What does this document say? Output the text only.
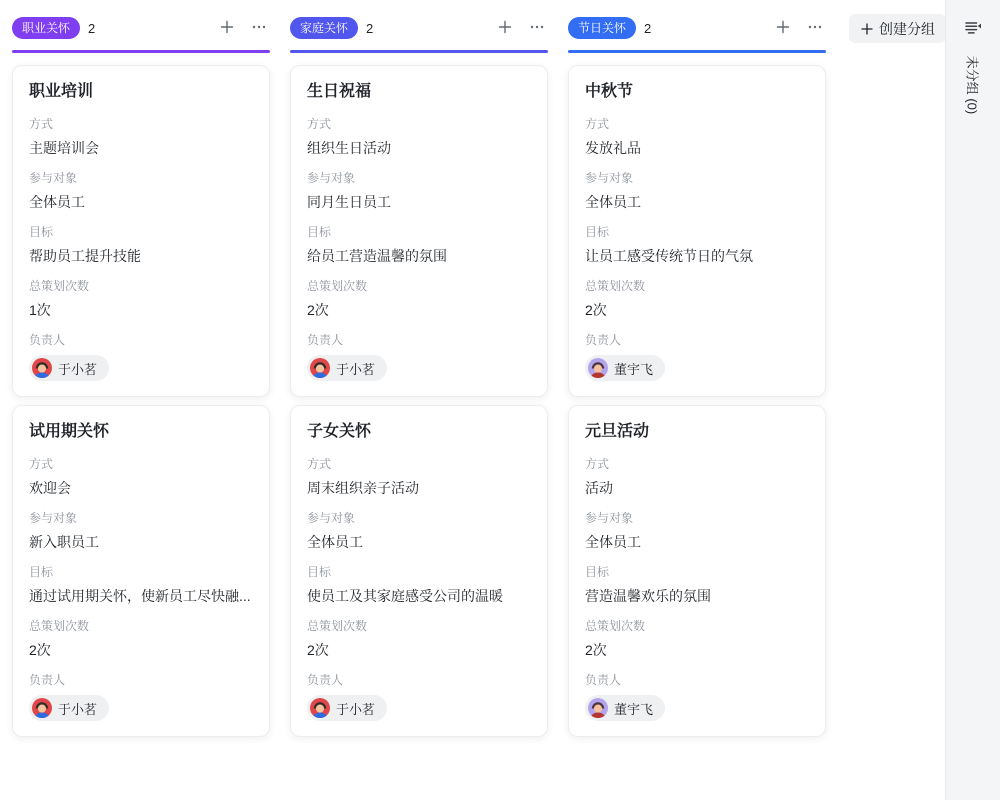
职业关怀	2
职业培训
方式
主题培训会
参与对象
全体员工
目标
帮助员工提升技能
总策划次数
1次
负责人
于小茗
试用期关怀
方式
欢迎会
参与对象
新入职员工
目标
通过试用期关怀，使新员工尽快融...
总策划次数
2次
负责人
于小茗
家庭关怀	2
生日祝福
方式
组织生日活动
参与对象
同月生日员工
目标
给员工营造温馨的氛围
总策划次数
2次
负责人
于小茗
子女关怀
方式
周末组织亲子活动
参与对象
全体员工
目标
使员工及其家庭感受公司的温暖
总策划次数
2次
负责人
于小茗
节日关怀	2
中秋节
方式
发放礼品
参与对象
全体员工
目标
让员工感受传统节日的气氛
总策划次数
2次
负责人
董宇飞
元旦活动
方式
活动
参与对象
全体员工
目标
营造温馨欢乐的氛围
总策划次数
2次
负责人
董宇飞
创建分组
未分组 (0)
